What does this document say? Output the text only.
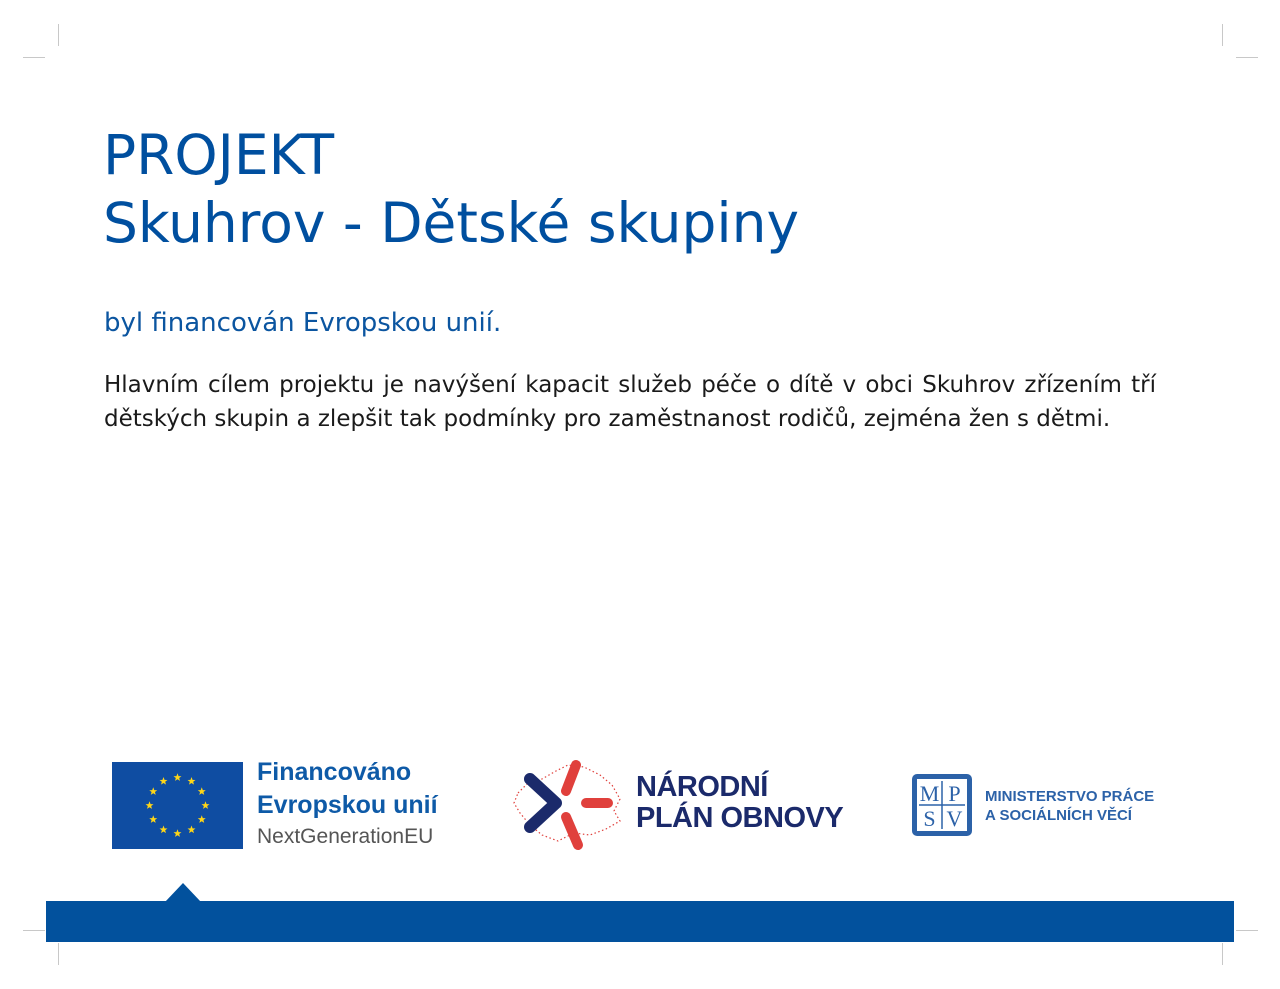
PROJEKT
Skuhrov - Dětské skupiny

byl financován Evropskou unií.

Hlavním cílem projektu je navýšení kapacit služeb péče o dítě v obci Skuhrov zřízením tří dětských skupin a zlepšit tak podmínky pro zaměstnanost rodičů, zejména žen s dětmi.

Financováno
Evropskou unií
NextGenerationEU
NÁRODNÍ
PLÁN OBNOVY
M P
S V
MINISTERSTVO PRÁCE
A SOCIÁLNÍCH VĚCÍ
